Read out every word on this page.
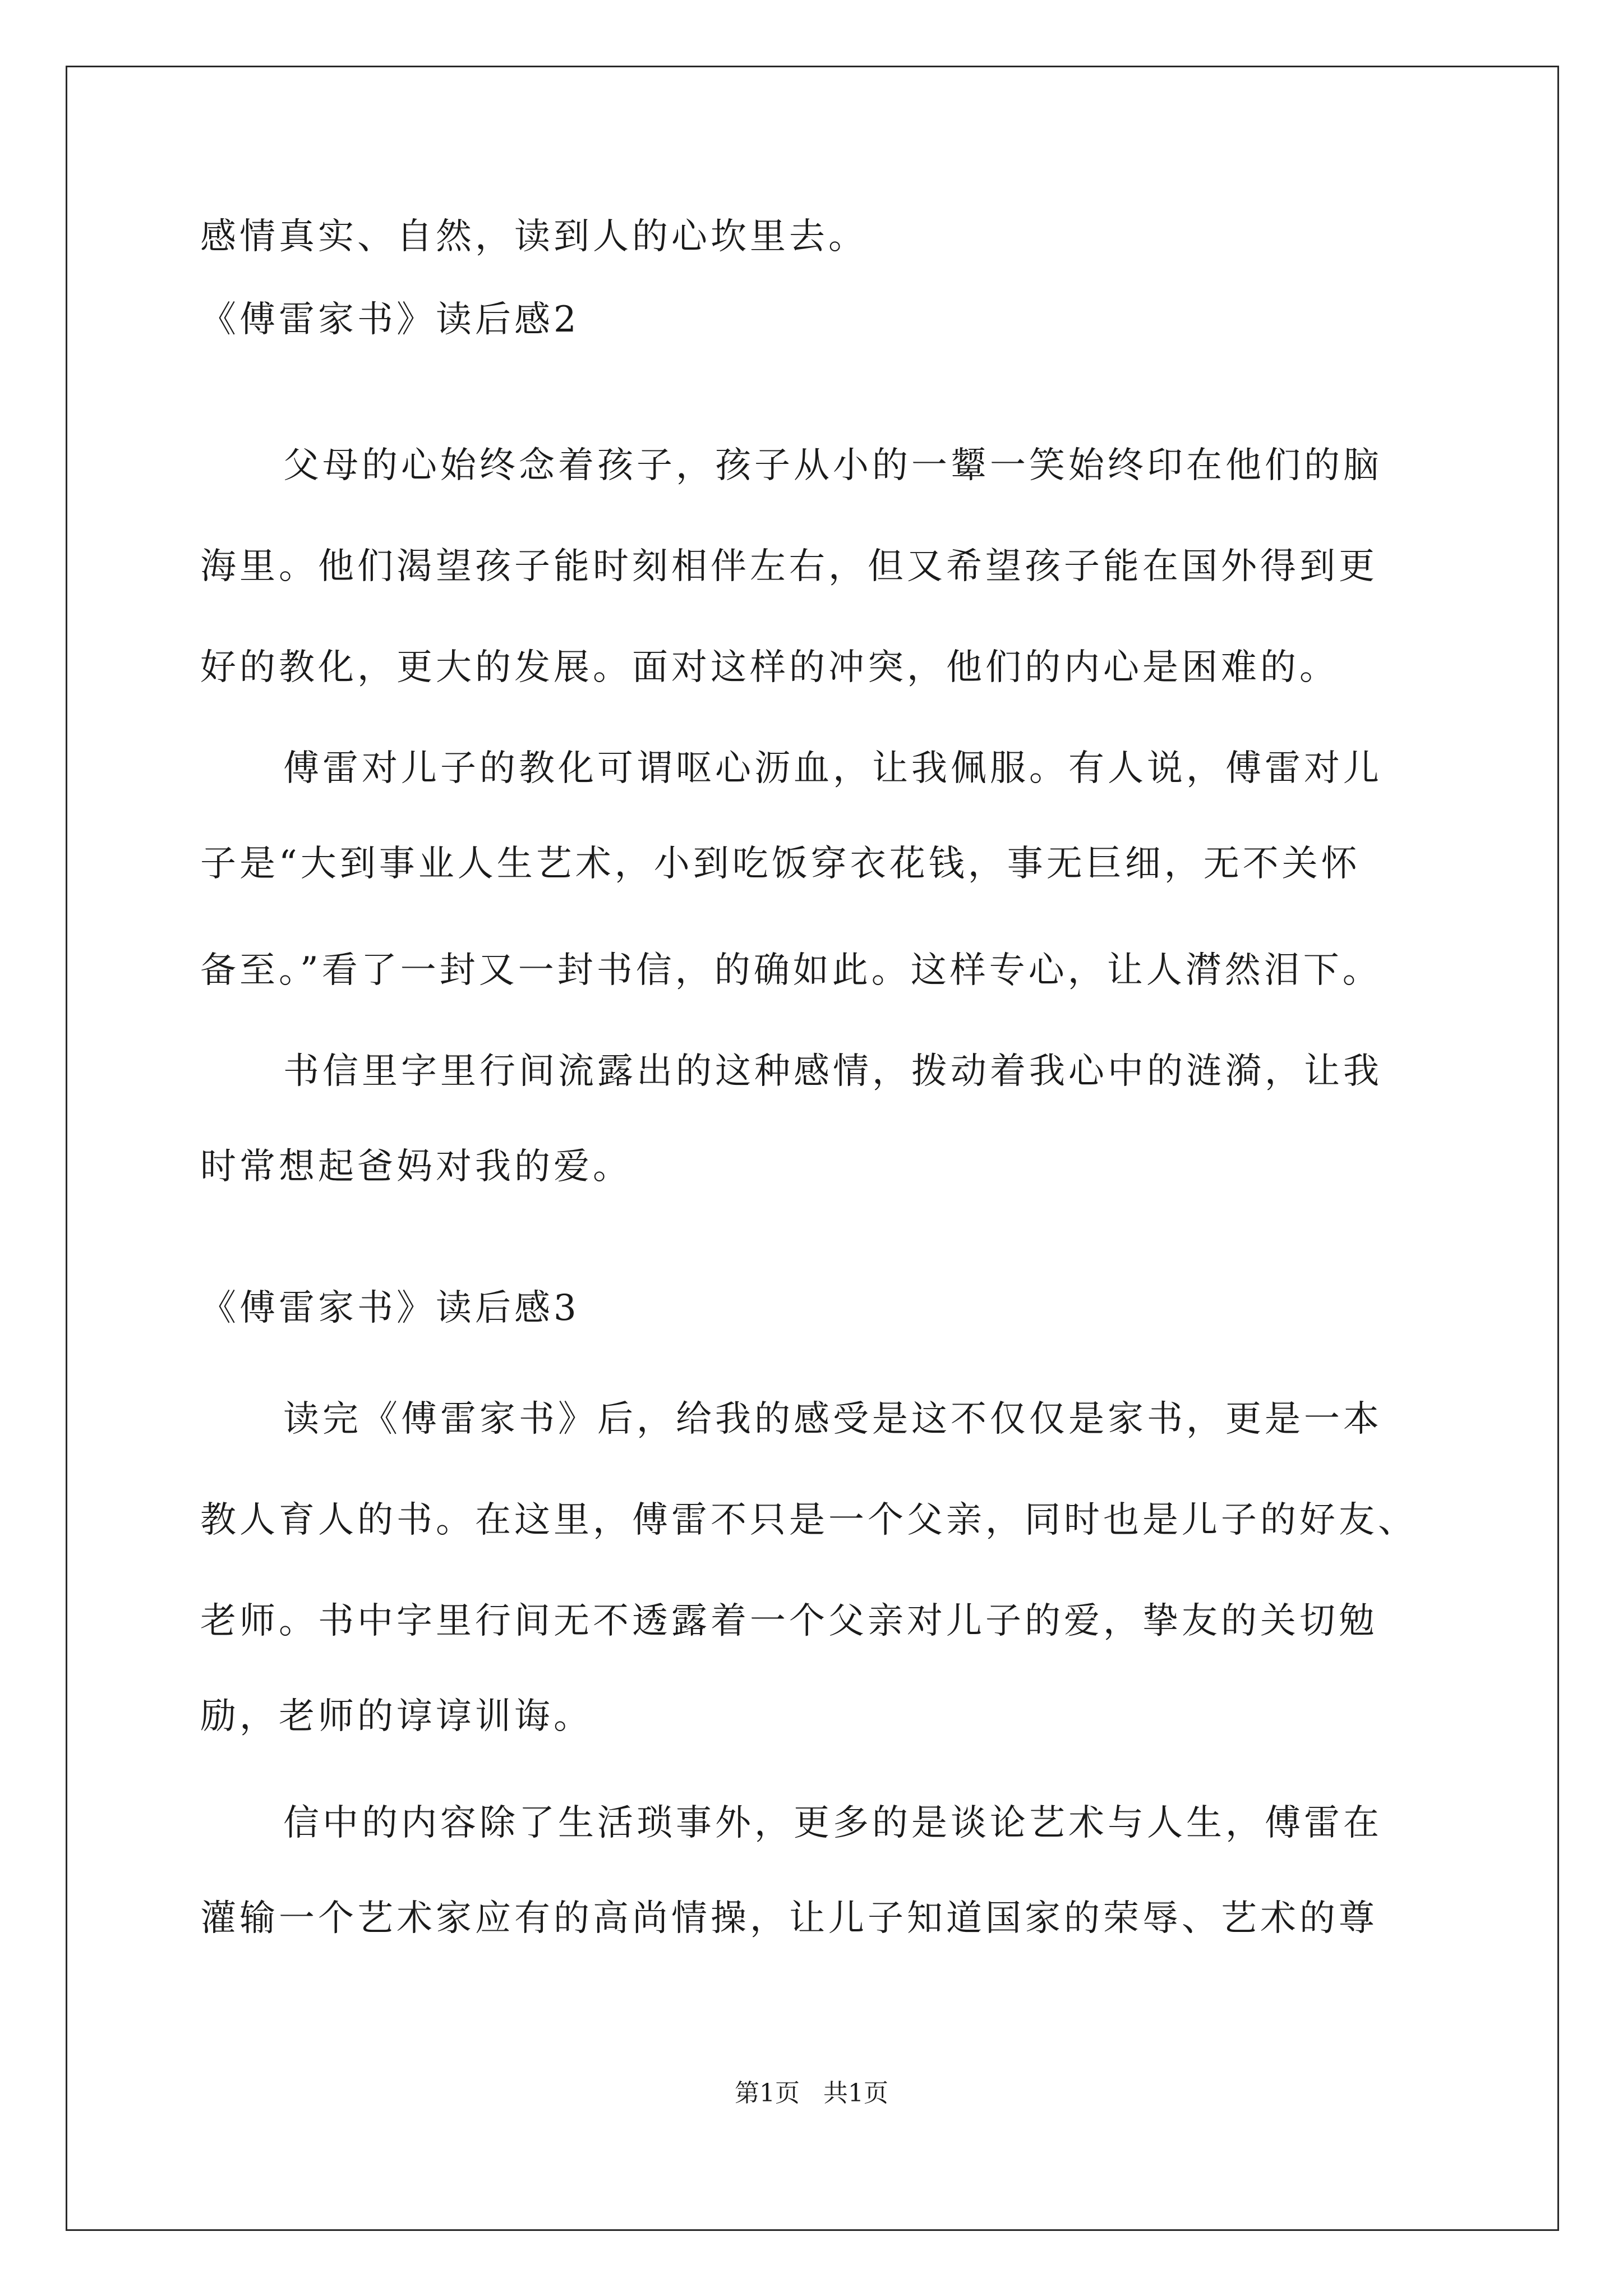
感情真实、自然，读到人的心坎里去。
《傅雷家书》读后感2
父母的心始终念着孩子，孩子从小的一颦一笑始终印在他们的脑
海里。他们渴望孩子能时刻相伴左右，但又希望孩子能在国外得到更
好的教化，更大的发展。面对这样的冲突，他们的内心是困难的。
傅雷对儿子的教化可谓呕心沥血，让我佩服。有人说，傅雷对儿
子是“大到事业人生艺术，小到吃饭穿衣花钱，事无巨细，无不关怀
备至。”看了一封又一封书信，的确如此。这样专心，让人潸然泪下。
书信里字里行间流露出的这种感情，拨动着我心中的涟漪，让我
时常想起爸妈对我的爱。
《傅雷家书》读后感3
读完《傅雷家书》后，给我的感受是这不仅仅是家书，更是一本
教人育人的书。在这里，傅雷不只是一个父亲，同时也是儿子的好友、
老师。书中字里行间无不透露着一个父亲对儿子的爱，挚友的关切勉
励，老师的谆谆训诲。
信中的内容除了生活琐事外，更多的是谈论艺术与人生，傅雷在
灌输一个艺术家应有的高尚情操，让儿子知道国家的荣辱、艺术的尊
第1页   共1页
